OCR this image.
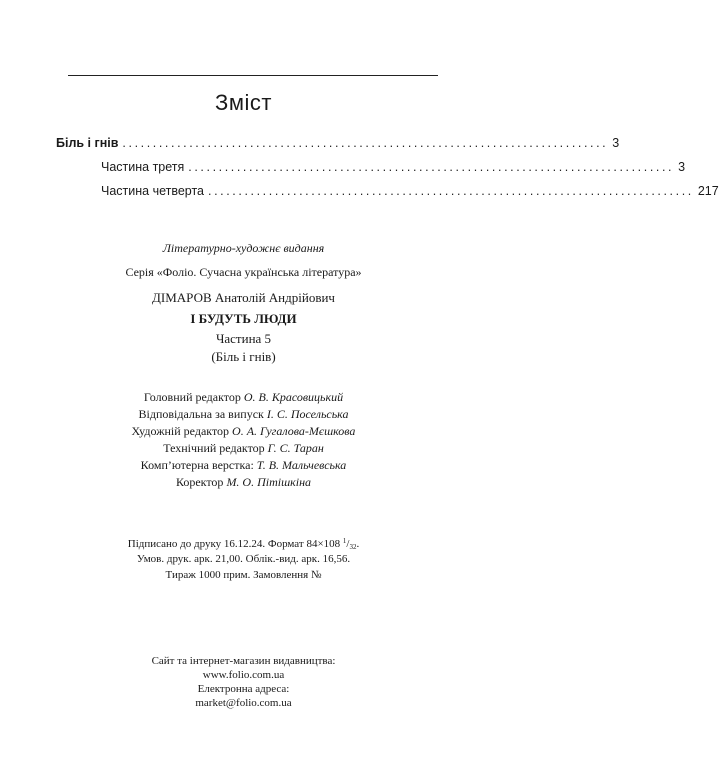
Зміст
Біль і гнів ................................................................................ 3
Частина третя ................................................................................ 3
Частина четверта ................................................................................ 217
Літературно-художнє видання
Серія «Фоліо. Сучасна українська література»
ДІМАРОВ Анатолій Андрійович
І БУДУТЬ ЛЮДИ
Частина 5
(Біль і гнів)
Головний редактор О. В. Красовицький
Відповідальна за випуск І. С. Посельська
Художній редактор О. А. Гугалова-Мєшкова
Технічний редактор Г. С. Таран
Комп’ютерна верстка: Т. В. Мальчевська
Коректор М. О. Пітішкіна
Підписано до друку 16.12.24. Формат 84×108 $^1/_{32}$.
Умов. друк. арк. 21,00. Облік.-вид. арк. 16,56.
Тираж 1000 прим. Замовлення №
Сайт та інтернет-магазин видавництва:
www.folio.com.ua
Електронна адреса:
market@folio.com.ua
